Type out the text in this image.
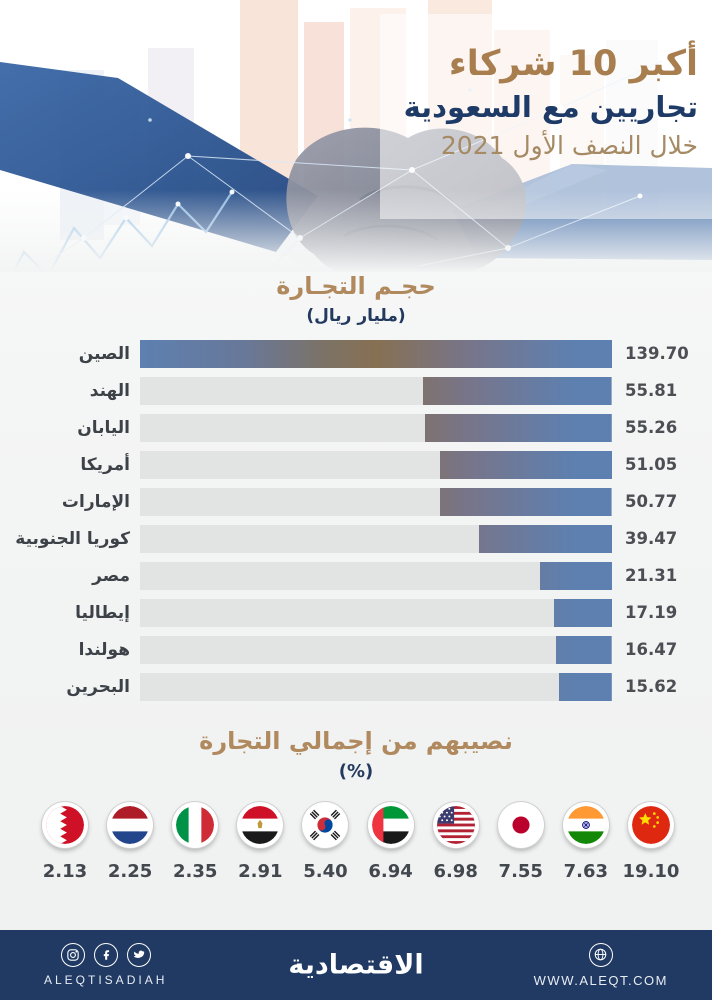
أكبر 10 شركاء
تجاريين مع السعودية
خلال النصف الأول 2021
حجـم التجـارة
(مليار ريال)
الصين	139.70
الهند	55.81
اليابان	55.26
أمريكا	51.05
الإمارات	50.77
كوريا الجنوبية	39.47
مصر	21.31
إيطاليا	17.19
هولندا	16.47
البحرين	15.62
نصيبهم من إجمالي التجارة
(%)
2.13 2.25 2.35 2.91 5.40 6.94 6.98 7.55 7.63 19.10
ALEQTISADIAH	الاقتصادية	WWW.ALEQT.COM
